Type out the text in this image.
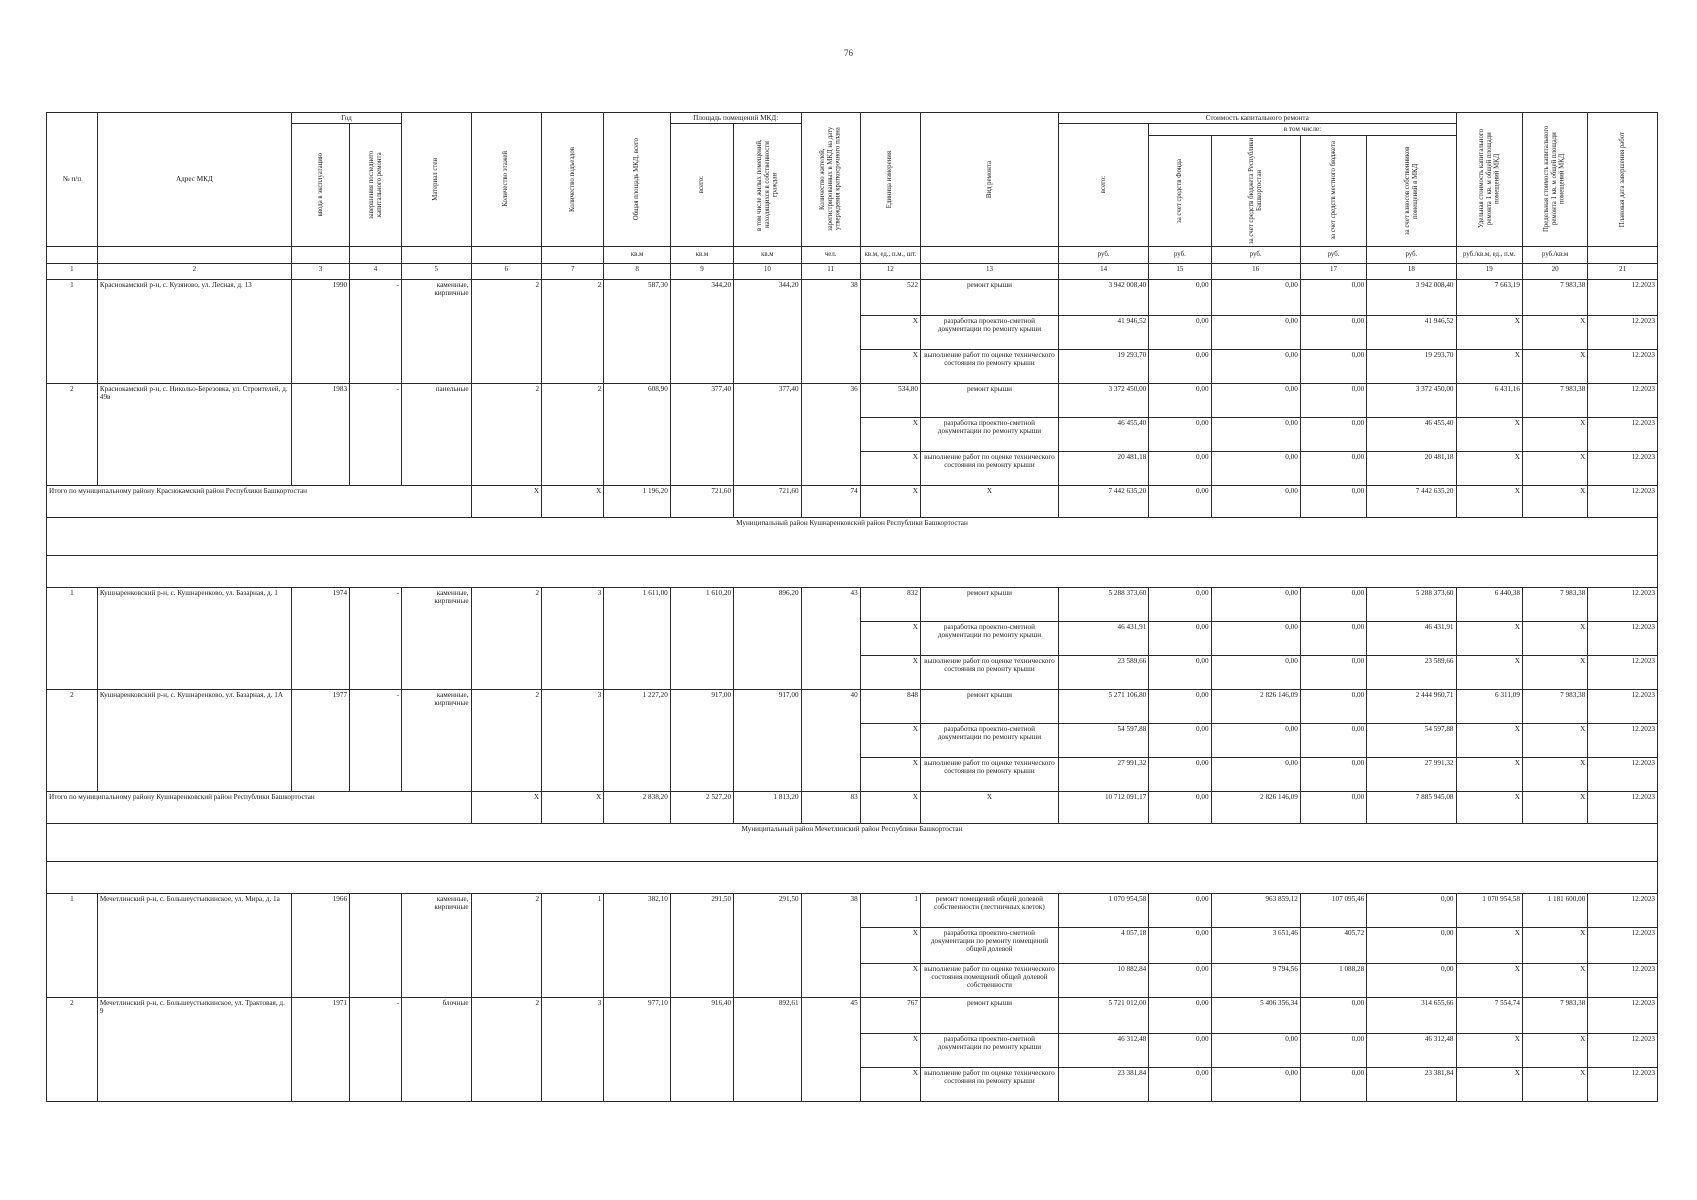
76
№ п/п	Адрес МКД	Год		Материал стен	Количество этажей	Количество подъездов	Общая площадь МКД, всего	Площадь помещений МКД:		Количество жителей, зарегистрированных в МКД на дату утверждения краткосрочного плана	Единица измерения	Вид ремонта	Стоимость капитального ремонта					Удельная стоимость капитального ремонта 1 кв. м общей площади помещений МКД	Предельная стоимость капитального ремонта 1 кв. м общей площади помещений МКД	Плановая дата завершения работ

		ввода в эксплуатацию	завершения последнего капитального ремонта					всего:	в том числе жилых помещений, находящихся в собственности граждан				всего:	в том числе:						

														за счет средств Фонда	за счет средств бюджета Республики Башкортостан	за счет средств местного бюджета	за счет взносов собственников помещений в МКД			

							кв.м	кв.м	кв.м	чел.	кв.м, ед., п.м., шт.		руб.	руб.	руб.	руб.	руб.	руб./кв.м, ед., п.м.	руб./кв.м	
1	2	3	4	5	6	7	8	9	10	11	12	13	14	15	16	17	18	19	20	21
1	Краснокамский р-н, с. Кузяново, ул. Лесная, д. 13	1990	-	каменные, кирпичные	2	2	587,30	344,20	344,20	38	522	ремонт крыши	3 942 008,40	0,00	0,00	0,00	3 942 008,40	7 663,19	7 983,38	12.2023
											X	разработка проектно-сметной документации по ремонту крыши	41 946,52	0,00	0,00	0,00	41 946,52	X	X	12.2023
											X	выполнение работ по оценке технического состояния по ремонту крыши	19 293,70	0,00	0,00	0,00	19 293,70	X	X	12.2023
2	Краснокамский р-н, с. Никольо-Березовка, ул. Строителей, д. 49в	1983	-	панельные	2	2	608,90	377,40	377,40	36	534,80	ремонт крыши	3 372 450,00	0,00	0,00	0,00	3 372 450,00	6 431,16	7 983,38	12.2023
											X	разработка проектно-сметной документации по ремонту крыши	46 455,40	0,00	0,00	0,00	46 455,40	X	X	12.2023
											X	выполнение работ по оценке технического состояния по ремонту крыши	20 481,18	0,00	0,00	0,00	20 481,18	X	X	12.2023
Итого по муниципальному району Краснокамский район Республики Башкортостан					X	X	1 196,20	721,60	721,60	74	X	X	7 442 635,20	0,00	0,00	0,00	7 442 635,20	X	X	12.2023
Муниципальный район Кушнаренковский район Республики Башкортостан																				

1	Кушнаренковский р-н, с. Кушнаренково, ул. Базарная, д. 1	1974	-	каменные, кирпичные	2	3	1 611,00	1 610,20	896,20	43	832	ремонт крыши	5 288 373,60	0,00	0,00	0,00	5 288 373,60	6 440,38	7 983,38	12.2023
											X	разработка проектно-сметной документации по ремонту крыши	46 431,91	0,00	0,00	0,00	46 431,91	X	X	12.2023
											X	выполнение работ по оценке технического состояния по ремонту крыши	23 589,66	0,00	0,00	0,00	23 589,66	X	X	12.2023
2	Кушнаренковский р-н, с. Кушнаренково, ул. Базарная, д. 1А	1977	-	каменные, кирпичные	2	3	1 227,20	917,00	917,00	40	848	ремонт крыши	5 271 106,80	0,00	2 826 146,09	0,00	2 444 960,71	6 311,09	7 983,38	12.2023
											X	разработка проектно-сметной документации по ремонту крыши	54 597,88	0,00	0,00	0,00	54 597,88	X	X	12.2023
											X	выполнение работ по оценке технического состояния по ремонту крыши	27 991,32	0,00	0,00	0,00	27 991,32	X	X	12.2023
Итого по муниципальному району Кушнаренковский район Республики Башкортостан					X	X	2 838,20	2 527,20	1 813,20	83	X	X	10 712 091,17	0,00	2 826 146,09	0,00	7 885 945,08	X	X	12.2023
Муниципальный район Мечетлинский район Республики Башкортостан																				

1	Мечетлинский р-н, с. Большеустьикинское, ул. Мира, д. 1а	1966		каменные, кирпичные	2	1	382,10	291,50	291,50	38	1	ремонт помещений общей долевой собственности (лестничных клеток)	1 070 954,58	0,00	963 859,12	107 095,46	0,00	1 070 954,58	1 181 600,00	12.2023
											X	разработка проектно-сметной документации по ремонту помещений общей долевой	4 057,18	0,00	3 651,46	405,72	0,00	X	X	12.2023
											X	выполнение работ по оценке технического состояния помещений общей долевой собственности	10 882,84	0,00	9 794,56	1 088,28	0,00	X	X	12.2023
2	Мечетлинский р-н, с. Большеустьикинское, ул. Трактовая, д. 9	1971	-	блочные	2	3	977,10	916,40	892,61	45	767	ремонт крыши	5 721 012,00	0,00	5 406 356,34	0,00	314 655,66	7 554,74	7 983,38	12.2023
											X	разработка проектно-сметной документации по ремонту крыши	46 312,48	0,00	0,00	0,00	46 312,48	X	X	12.2023
											X	выполнение работ по оценке технического состояния по ремонту крыши	23 381,84	0,00	0,00	0,00	23 381,84	X	X	12.2023
